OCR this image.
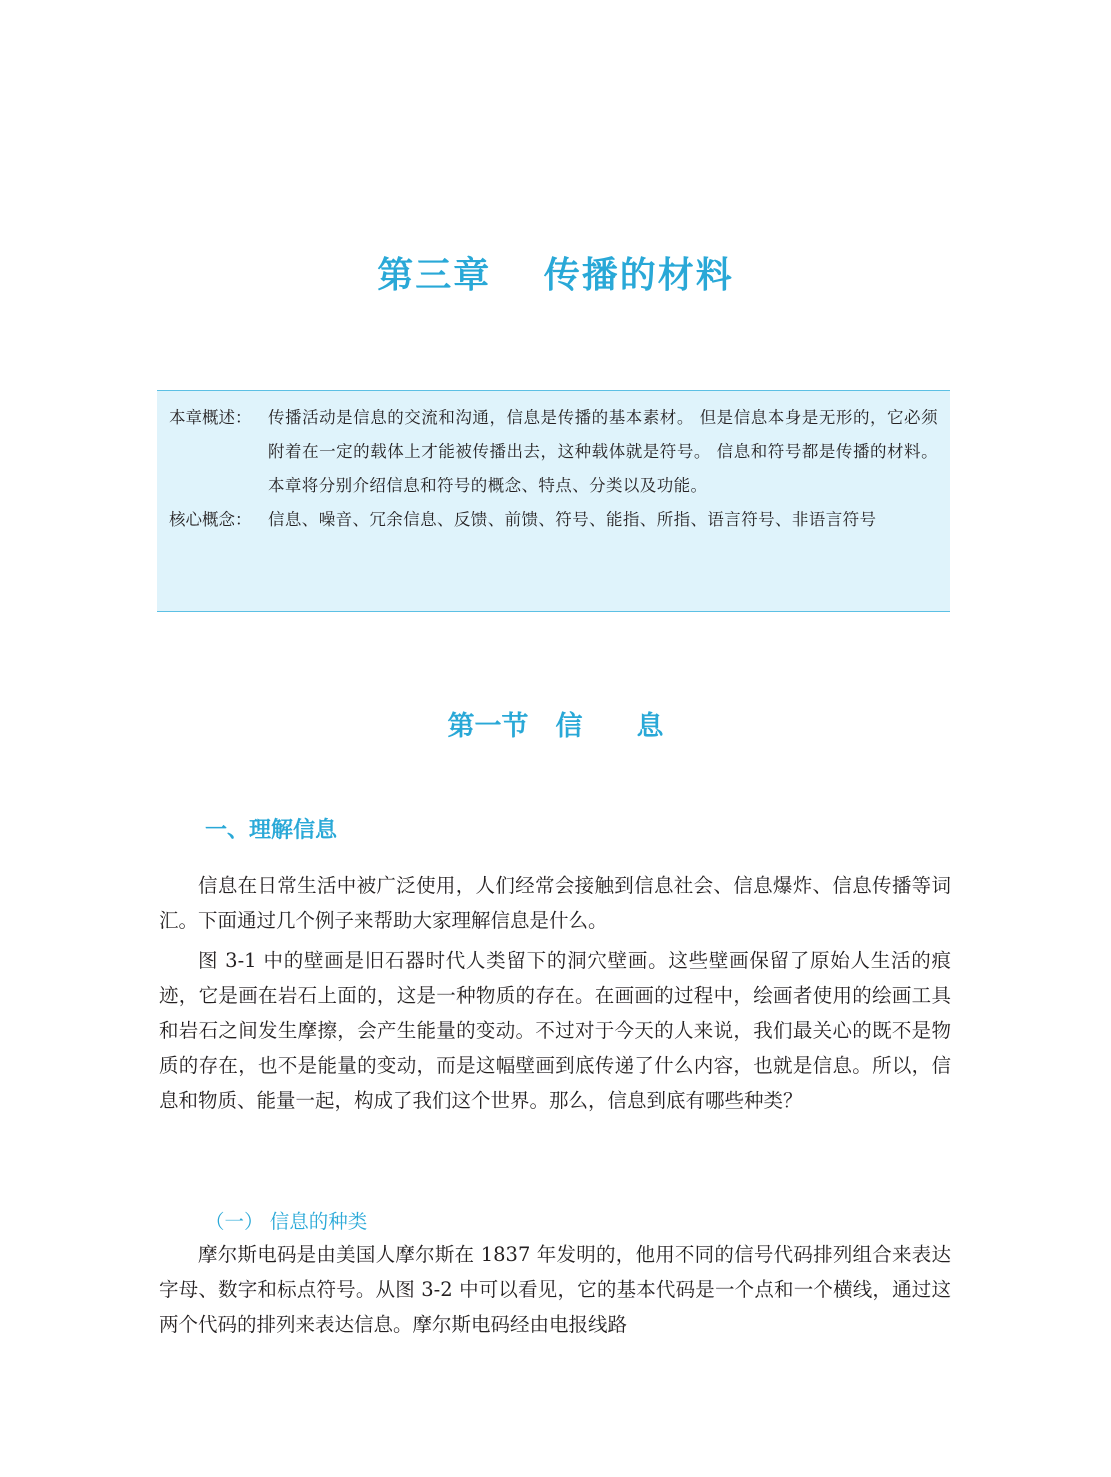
第三章　 传播的材料
本章概述：	传播活动是信息的交流和沟通，信息是传播的基本素材。 但是信息本身是无形的，它必须附着在一定的载体上才能被传播出去，这种载体就是符号。 信息和符号都是传播的材料。 本章将分别介绍信息和符号的概念、特点、分类以及功能。
核心概念：	信息、噪音、冗余信息、反馈、前馈、符号、能指、所指、语言符号、非语言符号
第一节　信　　息
一、理解信息

信息在日常生活中被广泛使用，人们经常会接触到信息社会、信息爆炸、信息传播等词汇。下面通过几个例子来帮助大家理解信息是什么。

图 3-1 中的壁画是旧石器时代人类留下的洞穴壁画。这些壁画保留了原始人生活的痕迹，它是画在岩石上面的，这是一种物质的存在。在画画的过程中，绘画者使用的绘画工具和岩石之间发生摩擦，会产生能量的变动。不过对于今天的人来说，我们最关心的既不是物质的存在，也不是能量的变动，而是这幅壁画到底传递了什么内容，也就是信息。所以，信息和物质、能量一起，构成了我们这个世界。那么，信息到底有哪些种类？

（一） 信息的种类

摩尔斯电码是由美国人摩尔斯在 1837 年发明的，他用不同的信号代码排列组合来表达字母、数字和标点符号。从图 3-2 中可以看见，它的基本代码是一个点和一个横线，通过这两个代码的排列来表达信息。摩尔斯电码经由电报线路
